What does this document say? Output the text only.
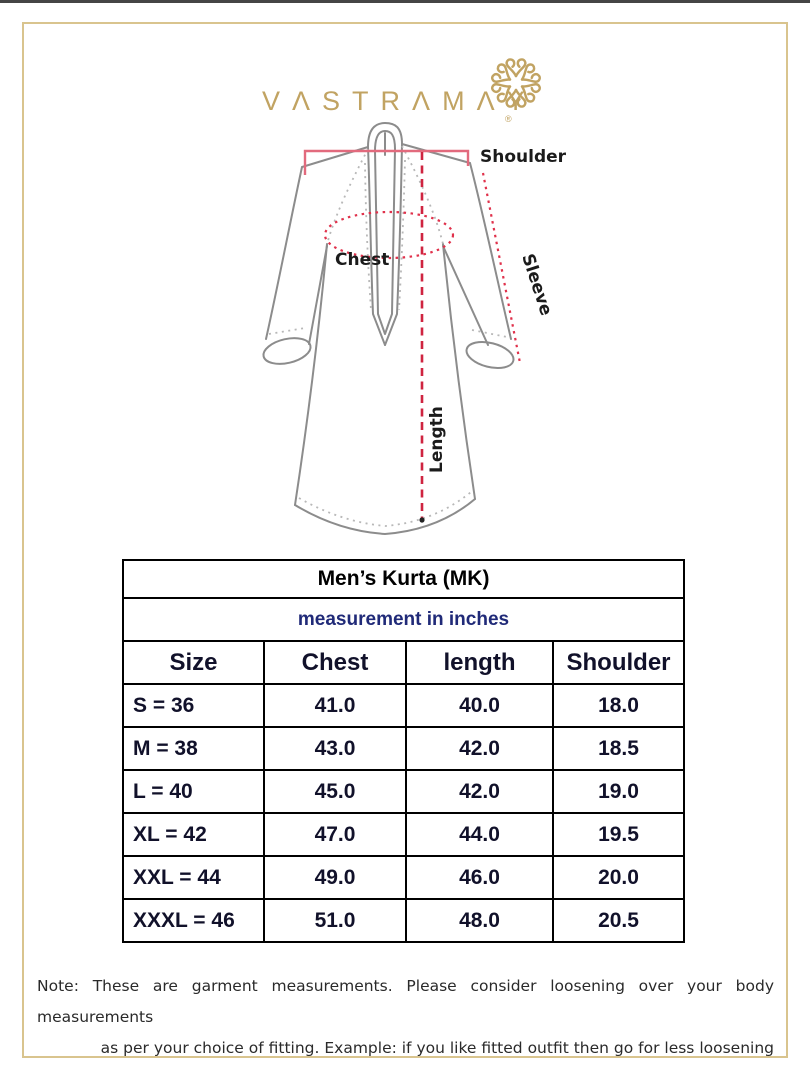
VΛSTRΛMΛY
®
Shoulder
Chest
Length
Sleeve
Men’s Kurta (MK)			
measurement in inches			
Size	Chest	length	Shoulder
S = 36	41.0	40.0	18.0
M = 38	43.0	42.0	18.5
L = 40	45.0	42.0	19.0
XL = 42	47.0	44.0	19.5
XXL = 44	49.0	46.0	20.0
XXXL = 46	51.0	48.0	20.5
Note: These are garment measurements. Please consider loosening over your body measurements
as per your choice of fitting. Example: if you like fitted outfit then go for less loosening
